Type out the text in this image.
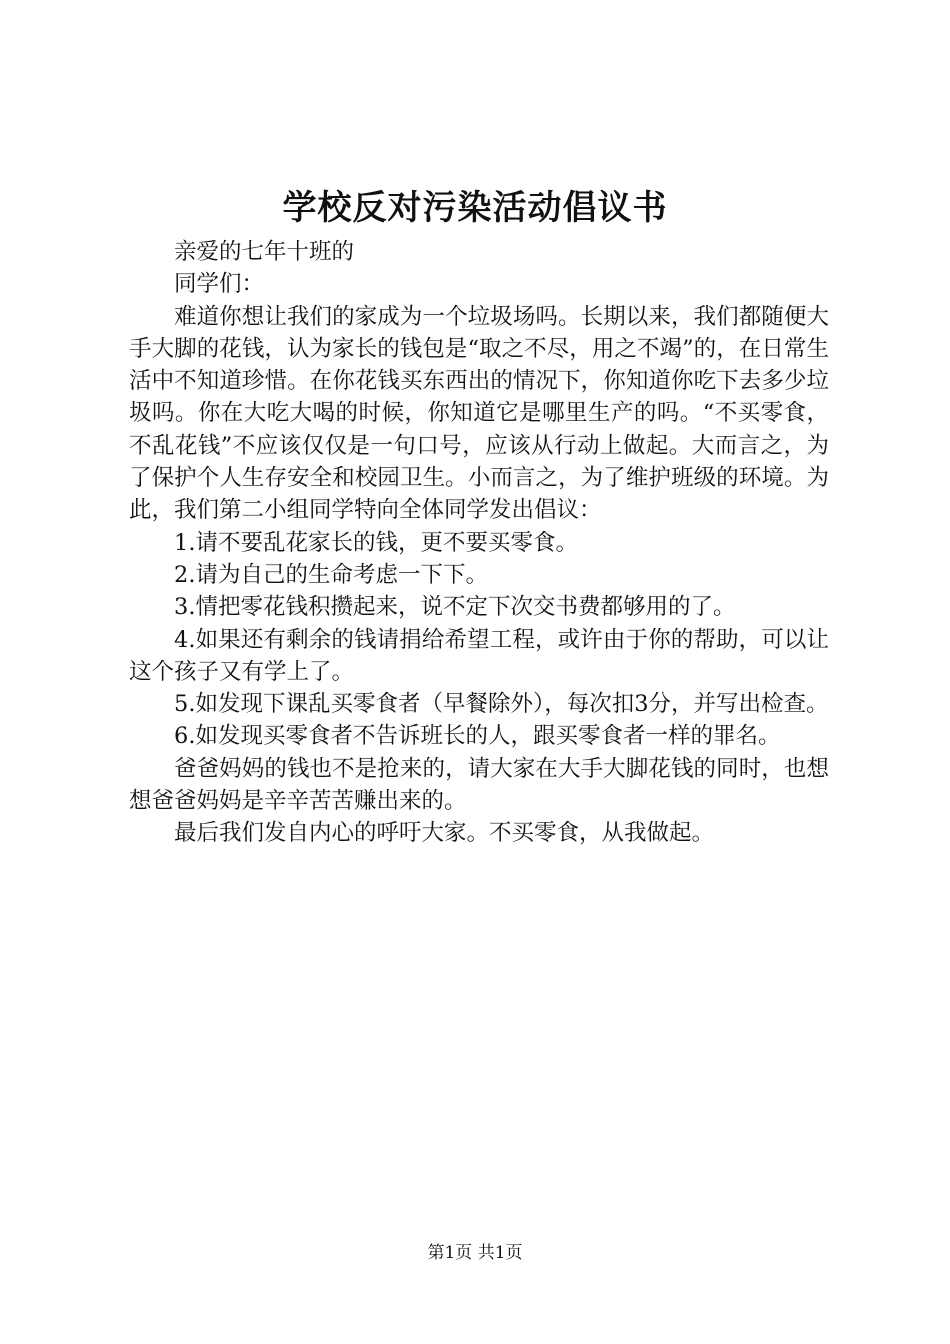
学校反对污染活动倡议书

亲爱的七年十班的

同学们：

难道你想让我们的家成为一个垃圾场吗。长期以来，我们都随便大手大脚的花钱，认为家长的钱包是“取之不尽，用之不竭”的，在日常生活中不知道珍惜。在你花钱买东西出的情况下，你知道你吃下去多少垃圾吗。你在大吃大喝的时候，你知道它是哪里生产的吗。“不买零食，不乱花钱”不应该仅仅是一句口号，应该从行动上做起。大而言之，为了保护个人生存安全和校园卫生。小而言之，为了维护班级的环境。为此，我们第二小组同学特向全体同学发出倡议：

1.请不要乱花家长的钱，更不要买零食。

2.请为自己的生命考虑一下下。

3.情把零花钱积攒起来，说不定下次交书费都够用的了。

4.如果还有剩余的钱请捐给希望工程，或许由于你的帮助，可以让这个孩子又有学上了。

5.如发现下课乱买零食者（早餐除外），每次扣3分，并写出检查。

6.如发现买零食者不告诉班长的人，跟买零食者一样的罪名。

爸爸妈妈的钱也不是抢来的，请大家在大手大脚花钱的同时，也想想爸爸妈妈是辛辛苦苦赚出来的。

最后我们发自内心的呼吁大家。不买零食，从我做起。

第1页 共1页
